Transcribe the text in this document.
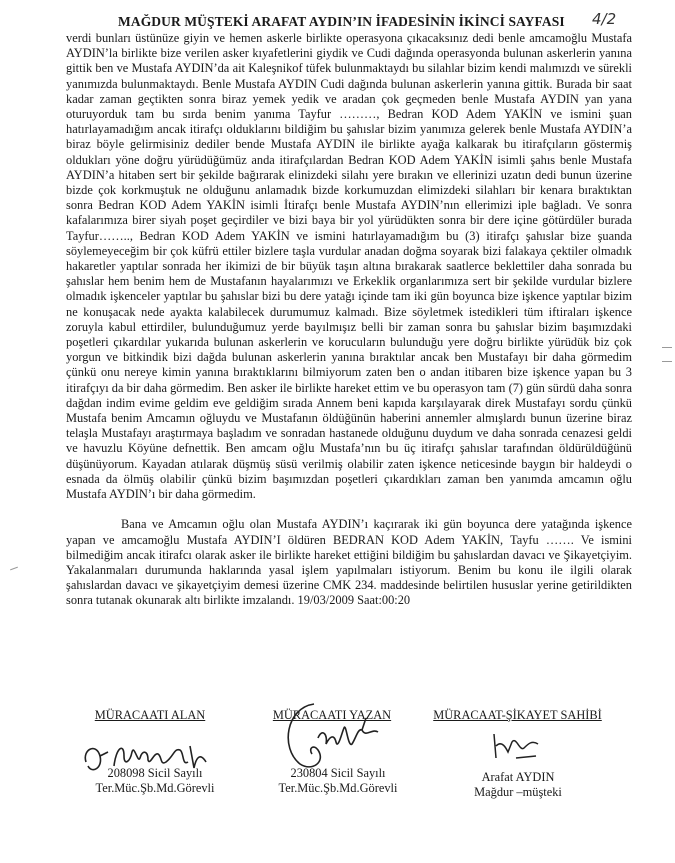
MAĞDUR MÜŞTEKİ ARAFAT AYDIN’IN İFADESİNİN İKİNCİ SAYFASI	4/2

verdi bunları üstünüze giyin ve hemen askerle birlikte operasyona çıkacaksınız dedi benle amcamoğlu Mustafa AYDIN’la birlikte bize verilen asker kıyafetlerini giydik ve Cudi dağında operasyonda bulunan askerlerin yanına gittik ben ve Mustafa AYDIN’da ait Kaleşnikof tüfek bulunmaktaydı bu silahlar bizim kendi malımızdı ve sürekli yanımızda bulunmaktaydı. Benle Mustafa AYDIN Cudi dağında bulunan askerlerin yanına gittik. Burada bir saat kadar zaman geçtikten sonra biraz yemek yedik ve aradan çok geçmeden benle Mustafa AYDIN yan yana oturuyorduk tam bu sırda benim yanıma Tayfur ………, Bedran KOD Adem YAKİN ve ismini şuan hatırlayamadığım ancak itirafçı olduklarını bildiğim bu şahıslar bizim yanımıza gelerek benle Mustafa AYDIN’a biraz böyle gelirmisiniz dediler bende Mustafa AYDIN ile birlikte ayağa kalkarak bu itirafçıların göstermiş oldukları yöne doğru yürüdüğümüz anda itirafçılardan Bedran KOD Adem YAKİN isimli şahıs benle Mustafa AYDIN’a hitaben sert bir şekilde bağırarak elinizdeki silahı yere bırakın ve ellerinizi uzatın dedi bunun üzerine bizde çok korkmuştuk ne olduğunu anlamadık bizde korkumuzdan elimizdeki silahları bir kenara bıraktıktan sonra Bedran KOD Adem YAKİN isimli İtirafçı benle Mustafa AYDIN’nın ellerimizi iple bağladı. Ve sonra kafalarımıza birer siyah poşet geçirdiler ve bizi baya bir yol yürüdükten sonra bir dere içine götürdüler burada Tayfur…….., Bedran KOD Adem YAKİN ve ismini hatırlayamadığım bu (3) itirafçı şahıslar bize şuanda söylemeyeceğim bir çok küfrü ettiler bizlere taşla vurdular anadan doğma soyarak bizi falakaya çektiler olmadık hakaretler yaptılar sonrada her ikimizi de bir büyük taşın altına bırakarak saatlerce beklettiler daha sonrada bu şahıslar hem benim hem de Mustafanın hayalarımızı ve Erkeklik organlarımıza sert bir şekilde vurdular bizlere olmadık işkenceler yaptılar bu şahıslar bizi bu dere yatağı içinde tam iki gün boyunca bize işkence yaptılar bizim ne konuşacak nede ayakta kalabilecek durumumuz kalmadı. Bize söyletmek istedikleri tüm iftiraları işkence zoruyla kabul ettirdiler, bulunduğumuz yerde bayılmışız belli bir zaman sonra bu şahıslar bizim başımızdaki poşetleri çıkardılar yukarıda bulunan askerlerin ve korucuların bulunduğu yere doğru birlikte yürüdük biz çok yorgun ve bitkindik bizi dağda bulunan askerlerin yanına bıraktılar ancak ben Mustafayı bir daha görmedim çünkü onu nereye kimin yanına bıraktıklarını bilmiyorum zaten ben o andan itibaren bize işkence yapan bu 3 itirafçıyı da bir daha görmedim. Ben asker ile birlikte hareket ettim ve bu operasyon tam (7) gün sürdü daha sonra dağdan indim evime geldim eve geldiğim sırada Annem beni kapıda karşılayarak direk Mustafayı sordu çünkü Mustafa benim Amcamın oğluydu ve Mustafanın öldüğünün haberini annemler almışlardı bunun üzerine biraz telaşla Mustafayı araştırmaya başladım ve sonradan hastanede olduğunu duydum ve daha sonrada cenazesi geldi ve havuzlu Köyüne defnettik. Ben amcam oğlu Mustafa’nın bu üç itirafçı şahıslar tarafından öldürüldüğünü düşünüyorum. Kayadan atılarak düşmüş süsü verilmiş olabilir zaten işkence neticesinde baygın bir haldeydi o esnada da ölmüş olabilir çünkü bizim başımızdan poşetleri çıkardıkları zaman ben yanımda amcamın oğlu Mustafa AYDIN’ı bir daha görmedim.

Bana ve Amcamın oğlu olan Mustafa AYDIN’ı kaçırarak iki gün boyunca dere yatağında işkence yapan ve amcamoğlu Mustafa AYDIN’I öldüren BEDRAN KOD Adem YAKİN, Tayfu ……. Ve ismini bilmediğim ancak itirafcı olarak asker ile birlikte hareket ettiğini bildiğim bu şahıslardan davacı ve Şikayetçiyim. Yakalanmaları durumunda haklarında yasal işlem yapılmaları istiyorum. Benim bu konu ile ilgili olarak şahıslardan davacı ve şikayetçiyim demesi üzerine CMK 234. maddesinde belirtilen hususlar yerine getirildikten sonra tutanak okunarak altı birlikte imzalandı. 19/03/2009 Saat:00:20

MÜRACAATI ALAN
208098 Sicil Sayılı
Ter.Müc.Şb.Md.Görevli
MÜRACAATI YAZAN
230804 Sicil Sayılı
Ter.Müc.Şb.Md.Görevli
MÜRACAAT-ŞİKAYET SAHİBİ
Arafat AYDIN
Mağdur –müşteki
